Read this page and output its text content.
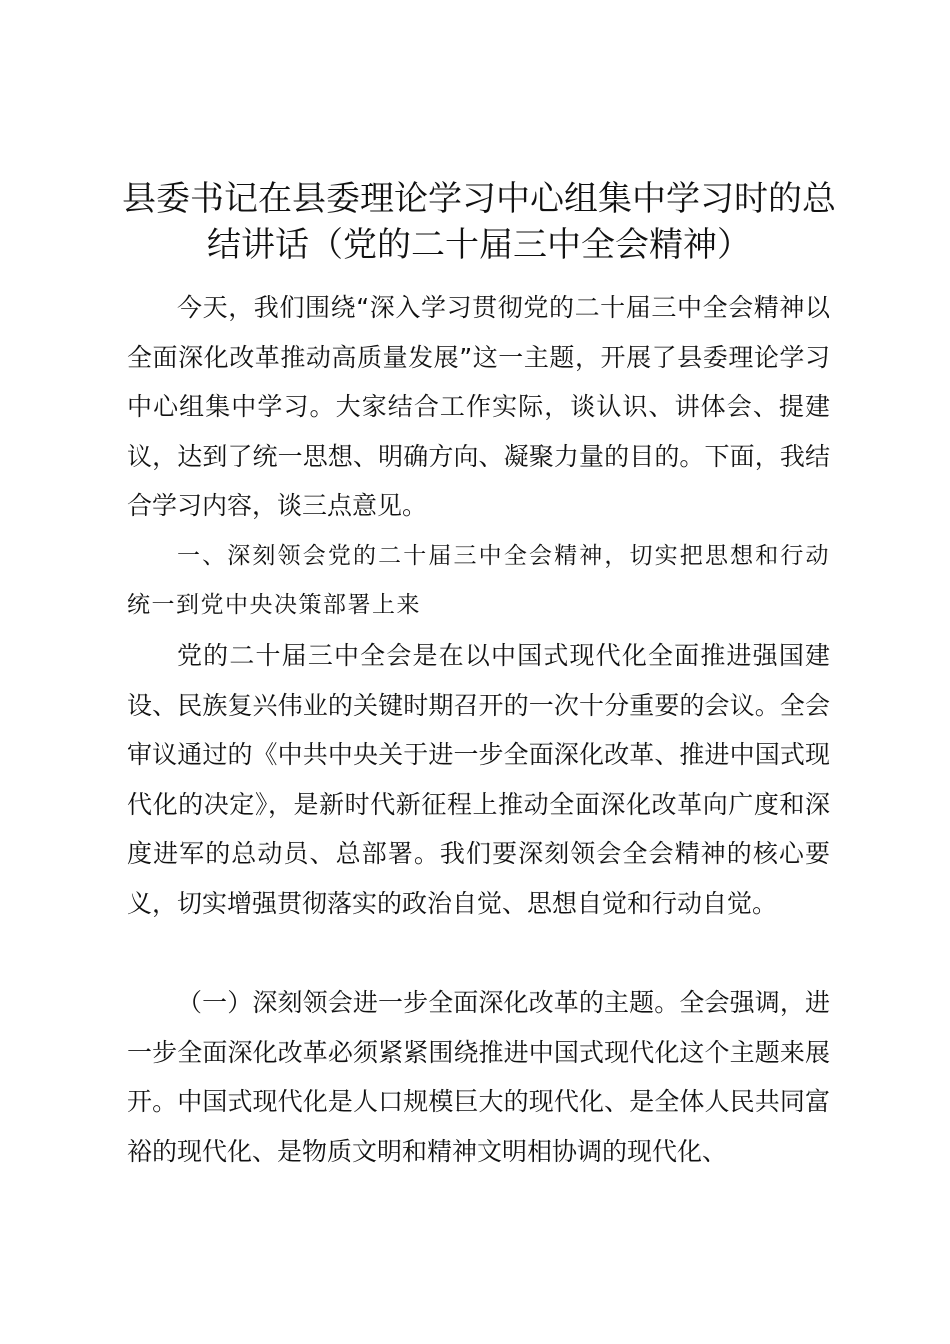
县委书记在县委理论学习中心组集中学习时的总结讲话（党的二十届三中全会精神）

今天，我们围绕“深入学习贯彻党的二十届三中全会精神以全面深化改革推动高质量发展”这一主题，开展了县委理论学习中心组集中学习。大家结合工作实际，谈认识、讲体会、提建议，达到了统一思想、明确方向、凝聚力量的目的。下面，我结合学习内容，谈三点意见。

一、深刻领会党的二十届三中全会精神，切实把思想和行动统一到党中央决策部署上来

党的二十届三中全会是在以中国式现代化全面推进强国建设、民族复兴伟业的关键时期召开的一次十分重要的会议。全会审议通过的《中共中央关于进一步全面深化改革、推进中国式现代化的决定》，是新时代新征程上推动全面深化改革向广度和深度进军的总动员、总部署。我们要深刻领会全会精神的核心要义，切实增强贯彻落实的政治自觉、思想自觉和行动自觉。

（一）深刻领会进一步全面深化改革的主题。全会强调，进一步全面深化改革必须紧紧围绕推进中国式现代化这个主题来展开。中国式现代化是人口规模巨大的现代化、是全体人民共同富裕的现代化、是物质文明和精神文明相协调的现代化、
